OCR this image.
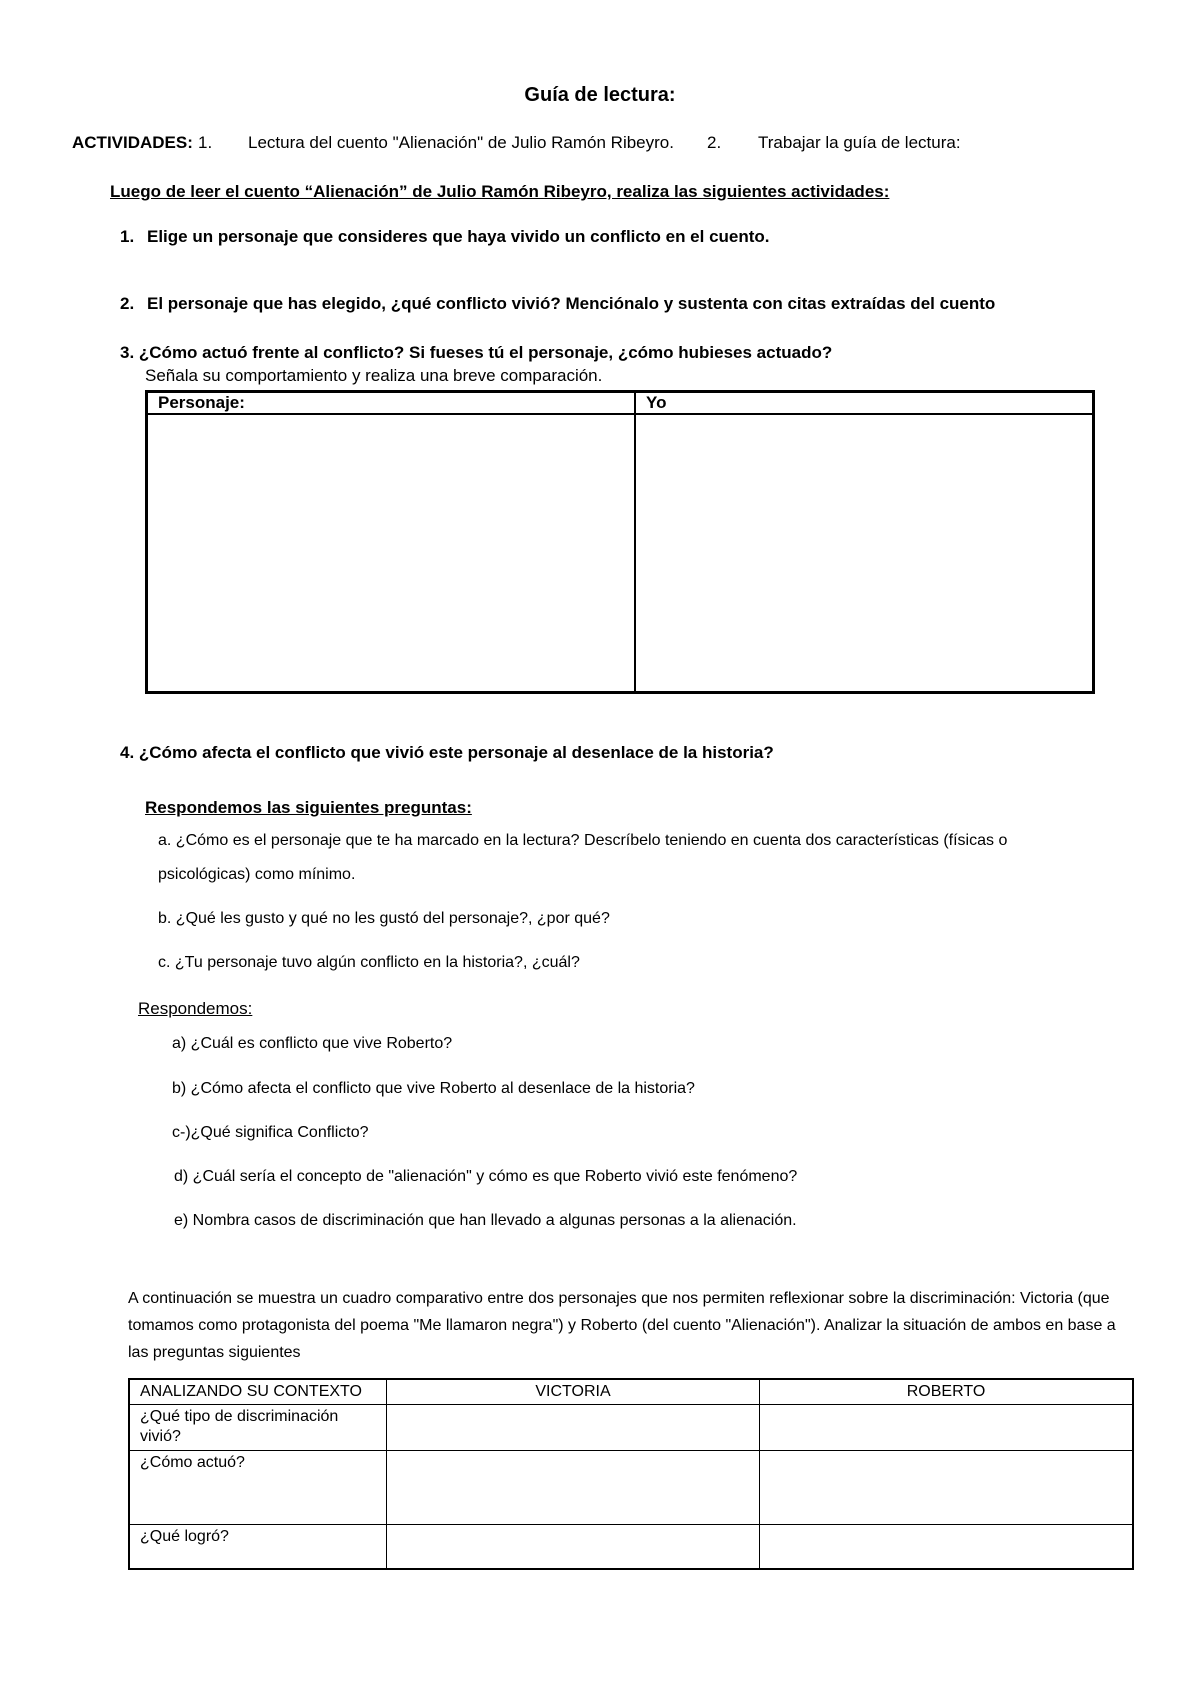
Guía de lectura:
ACTIVIDADES: 1. Lectura del cuento "Alienación" de Julio Ramón Ribeyro. 2. Trabajar la guía de lectura:
Luego de leer el cuento “Alienación” de Julio Ramón Ribeyro, realiza las siguientes actividades:
1. Elige un personaje que consideres que haya vivido un conflicto en el cuento.
2. El personaje que has elegido, ¿qué conflicto vivió? Menciónalo y sustenta con citas extraídas del cuento
3. ¿Cómo actuó frente al conflicto? Si fueses tú el personaje, ¿cómo hubieses actuado?
Señala su comportamiento y realiza una breve comparación.
Personaje:	Yo

4. ¿Cómo afecta el conflicto que vivió este personaje al desenlace de la historia?
Respondemos las siguientes preguntas:
a. ¿Cómo es el personaje que te ha marcado en la lectura? Descríbelo teniendo en cuenta dos características (físicas o
psicológicas) como mínimo.
b. ¿Qué les gusto y qué no les gustó del personaje?, ¿por qué?
c. ¿Tu personaje tuvo algún conflicto en la historia?, ¿cuál?
Respondemos:
a) ¿Cuál es conflicto que vive Roberto?
b) ¿Cómo afecta el conflicto que vive Roberto al desenlace de la historia?
c-)¿Qué significa Conflicto?
d) ¿Cuál sería el concepto de "alienación" y cómo es que Roberto vivió este fenómeno?
e) Nombra casos de discriminación que han llevado a algunas personas a la alienación.
A continuación se muestra un cuadro comparativo entre dos personajes que nos permiten reflexionar sobre la discriminación: Victoria (que tomamos como protagonista del poema "Me llamaron negra") y Roberto (del cuento "Alienación"). Analizar la situación de ambos en base a las preguntas siguientes
ANALIZANDO SU CONTEXTO	VICTORIA	ROBERTO
¿Qué tipo de discriminación vivió?		
¿Cómo actuó?		
¿Qué logró?		
